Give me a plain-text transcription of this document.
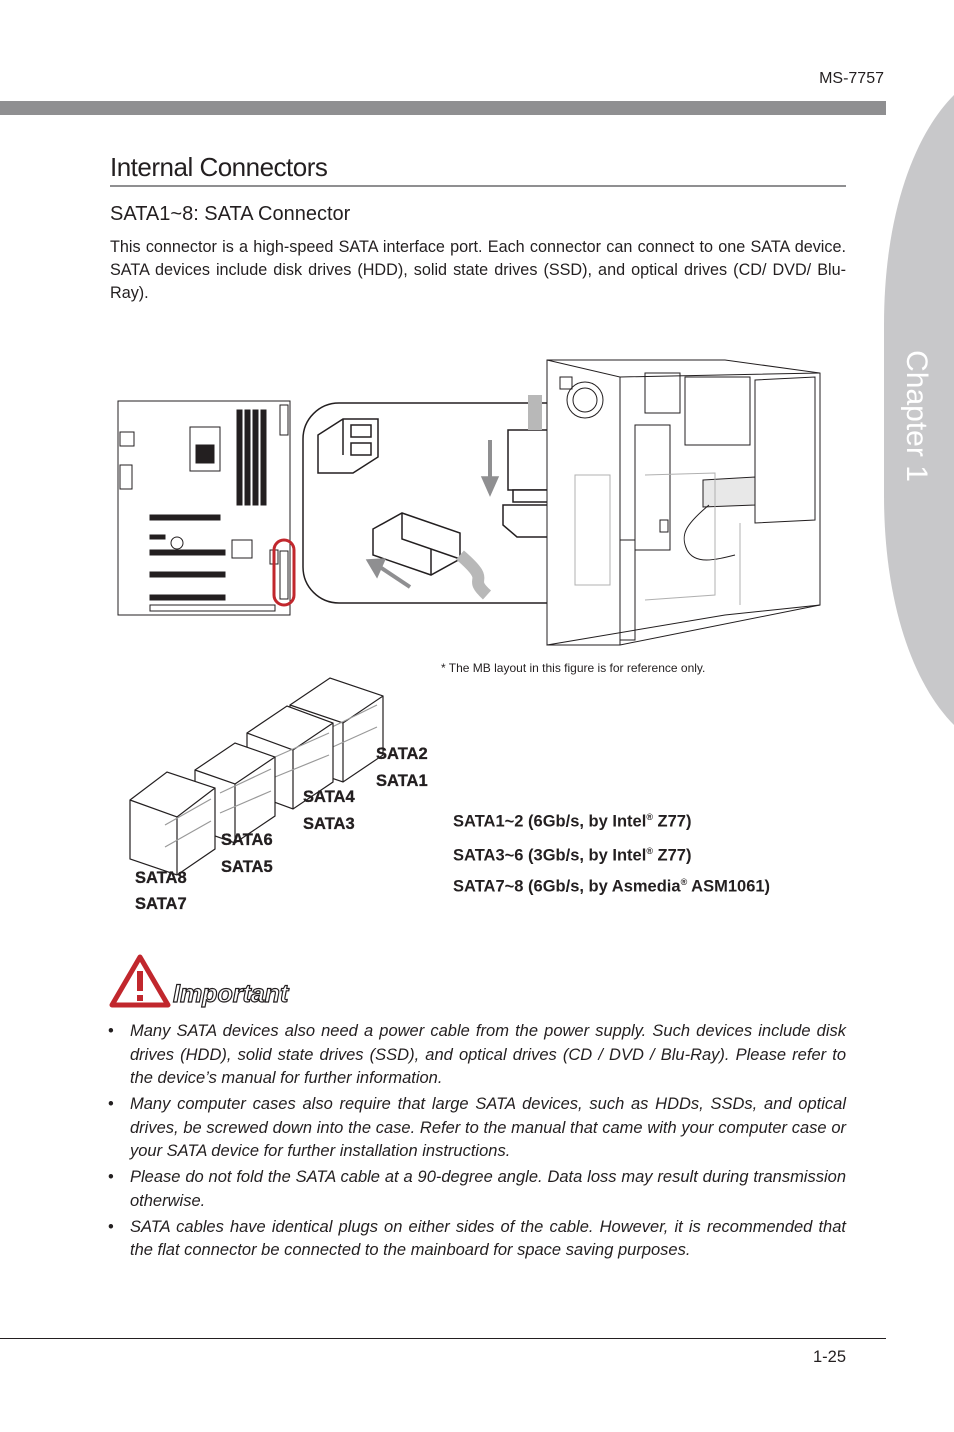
MS-7757
Chapter 1
Internal Connectors
SATA1~8: SATA Connector
This connector is a high-speed SATA interface port. Each connector can connect to one SATA device. SATA devices include disk drives (HDD), solid state drives (SSD), and optical drives (CD/ DVD/ Blu-Ray).
* The MB layout in this figure is for reference only.
SATA2
SATA1
SATA4
SATA3
SATA6
SATA5
SATA8
SATA7
SATA1~2 (6Gb/s, by Intel® Z77)
SATA3~6 (3Gb/s, by Intel® Z77)
SATA7~8 (6Gb/s, by Asmedia® ASM1061)
Important
• Many SATA devices also need a power cable from the power supply. Such devices include disk drives (HDD), solid state drives (SSD), and optical drives (CD / DVD / Blu-Ray). Please refer to the device’s manual for further information.
• Many computer cases also require that large SATA devices, such as HDDs, SSDs, and optical drives, be screwed down into the case. Refer to the manual that came with your computer case or your SATA device for further installation instructions.
• Please do not fold the SATA cable at a 90-degree angle. Data loss may result during transmission otherwise.
• SATA cables have identical plugs on either sides of the cable. However, it is recommended that the flat connector be connected to the mainboard for space saving purposes.
1-25
